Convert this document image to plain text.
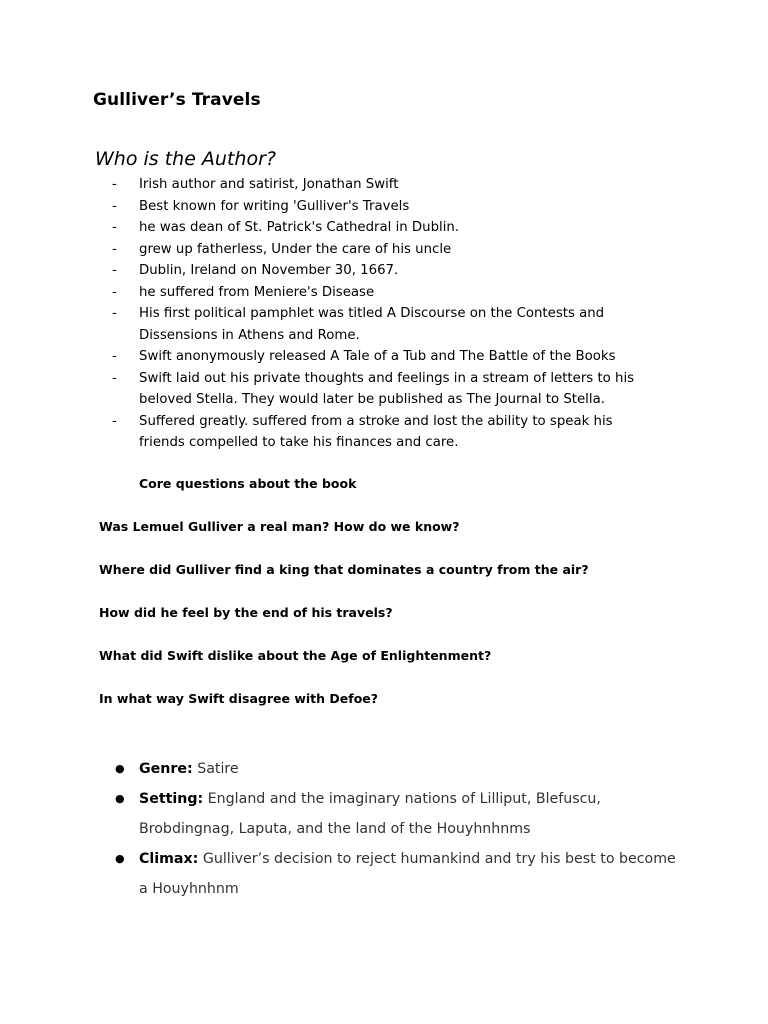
Gulliver’s Travels
Who is the Author?
- Irish author and satirist, Jonathan Swift
- Best known for writing 'Gulliver's Travels
- he was dean of St. Patrick's Cathedral in Dublin.
- grew up fatherless, Under the care of his uncle
- Dublin, Ireland on November 30, 1667.
- he suffered from Meniere's Disease
- His first political pamphlet was titled A Discourse on the Contests and Dissensions in Athens and Rome.
- Swift anonymously released A Tale of a Tub and The Battle of the Books
- Swift laid out his private thoughts and feelings in a stream of letters to his beloved Stella. They would later be published as The Journal to Stella.
- Suffered greatly. suffered from a stroke and lost the ability to speak his friends compelled to take his finances and care.
Core questions about the book
Was Lemuel Gulliver a real man? How do we know?
Where did Gulliver find a king that dominates a country from the air?
How did he feel by the end of his travels?
What did Swift dislike about the Age of Enlightenment?
In what way Swift disagree with Defoe?
● Genre: Satire
● Setting: England and the imaginary nations of Lilliput, Blefuscu, Brobdingnag, Laputa, and the land of the Houyhnhnms
● Climax: Gulliver’s decision to reject humankind and try his best to become a Houyhnhnm
